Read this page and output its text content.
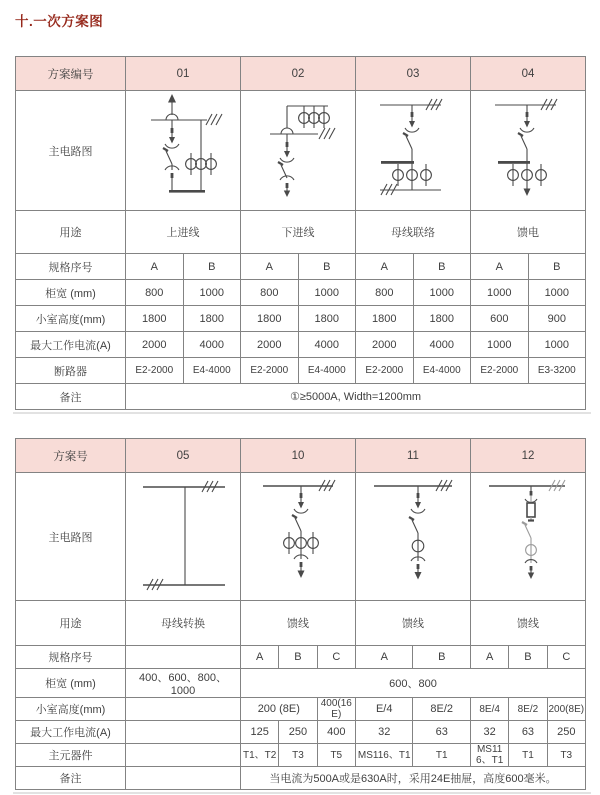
十.一次方案图
方案编号	01		02		03		04	
主电路图	

用途	上进线		下进线		母线联络		馈电	
规格序号	A	B	A	B	A	B	A	B
柜宽 (mm)	800	1000	800	1000	800	1000	1000	1000
小室高度(mm)	1800	1800	1800	1800	1800	1800	600	900
最大工作电流(A)	2000	4000	2000	4000	2000	4000	1000	1000
断路器	E2-2000	E4-4000	E2-2000	E4-4000	E2-2000	E4-4000	E2-2000	E3-3200
备注	①≥5000A, Width=1200mm							
方案号	05	10			11		12		
主电路图	

用途	母线转换	馈线			馈线		馈线		
规格序号		A	B	C	A	B	A	B	C
柜宽 (mm)	400、600、800、1000	600、800							
小室高度(mm)		200 (8E)		400(16E)	E/4	8E/2	8E/4	8E/2	200(8E)
最大工作电流(A)		125	250	400	32	63	32	63	250
主元器件		T1、T2	T3	T5	MS116、T1	T1	MS116、T1	T1	T3
备注		当电流为500A或是630A时，采用24E抽屉，高度600毫米。							
